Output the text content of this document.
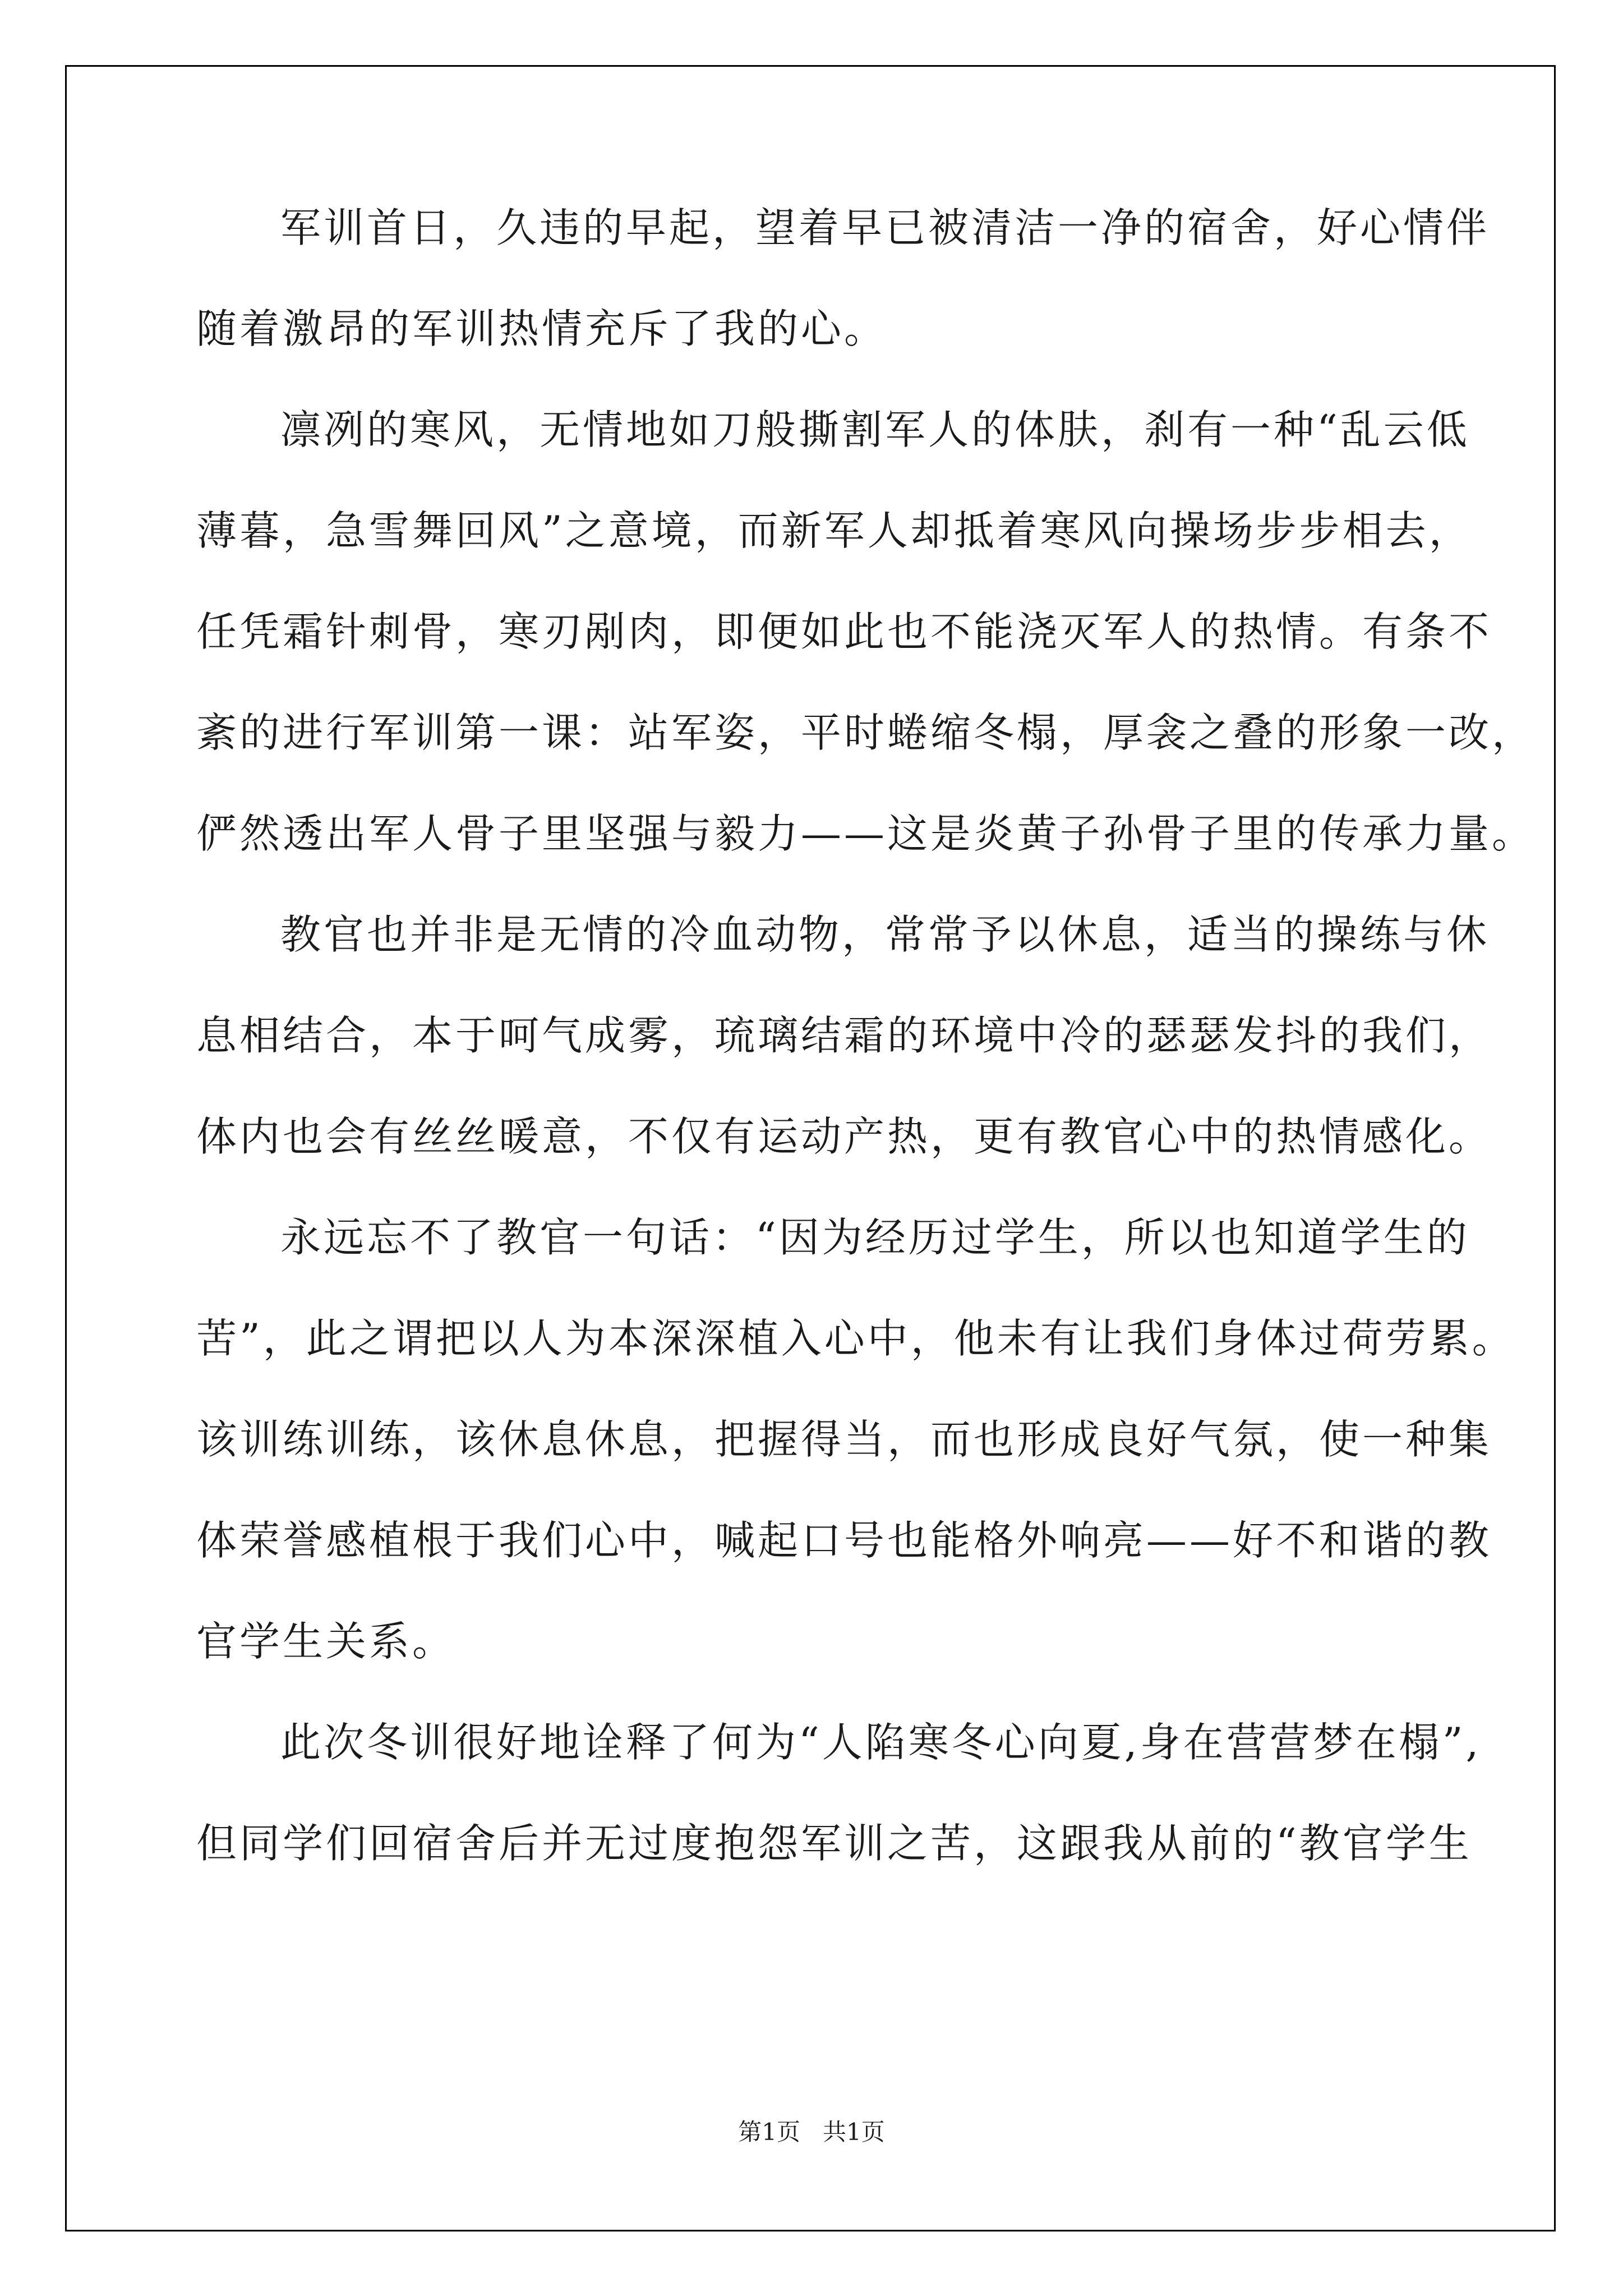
军训首日，久违的早起，望着早已被清洁一净的宿舍，好心情伴
随着激昂的军训热情充斥了我的心。
凛冽的寒风，无情地如刀般撕割军人的体肤，刹有一种“乱云低
薄暮，急雪舞回风”之意境，而新军人却抵着寒风向操场步步相去，
任凭霜针刺骨，寒刃剐肉，即便如此也不能浇灭军人的热情。有条不
紊的进行军训第一课：站军姿，平时蜷缩冬榻，厚衾之叠的形象一改，
俨然透出军人骨子里坚强与毅力——这是炎黄子孙骨子里的传承力量。
教官也并非是无情的冷血动物，常常予以休息，适当的操练与休
息相结合，本于呵气成雾，琉璃结霜的环境中冷的瑟瑟发抖的我们，
体内也会有丝丝暖意，不仅有运动产热，更有教官心中的热情感化。
永远忘不了教官一句话：“因为经历过学生，所以也知道学生的
苦”，此之谓把以人为本深深植入心中，他未有让我们身体过荷劳累。
该训练训练，该休息休息，把握得当，而也形成良好气氛，使一种集
体荣誉感植根于我们心中，喊起口号也能格外响亮——好不和谐的教
官学生关系。
此次冬训很好地诠释了何为“人陷寒冬心向夏,身在营营梦在榻”,
但同学们回宿舍后并无过度抱怨军训之苦，这跟我从前的“教官学生
第1页   共1页
